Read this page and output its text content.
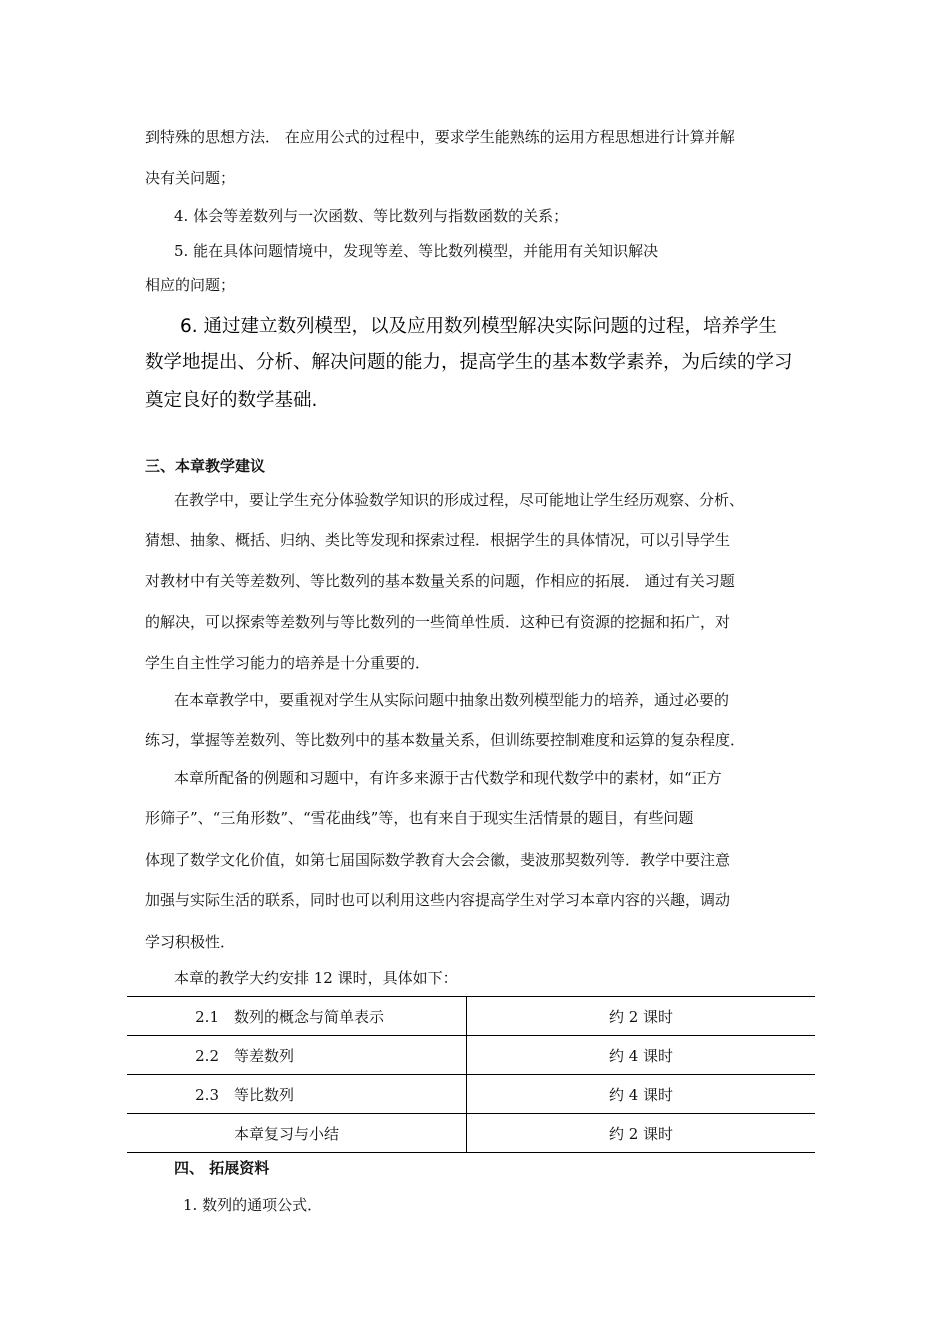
到特殊的思想方法． 在应用公式的过程中，要求学生能熟练的运用方程思想进行计算并解
决有关问题；
4. 体会等差数列与一次函数、等比数列与指数函数的关系；
5. 能在具体问题情境中，发现等差、等比数列模型，并能用有关知识解决
相应的问题；
6. 通过建立数列模型，以及应用数列模型解决实际问题的过程，培养学生
数学地提出、分析、解决问题的能力，提高学生的基本数学素养，为后续的学习
奠定良好的数学基础.
三、本章教学建议
在教学中，要让学生充分体验数学知识的形成过程，尽可能地让学生经历观察、分析、
猜想、抽象、概括、归纳、类比等发现和探索过程．根据学生的具体情况，可以引导学生
对教材中有关等差数列、等比数列的基本数量关系的问题，作相应的拓展． 通过有关习题
的解决，可以探索等差数列与等比数列的一些简单性质．这种已有资源的挖掘和拓广，对
学生自主性学习能力的培养是十分重要的．
在本章教学中，要重视对学生从实际问题中抽象出数列模型能力的培养，通过必要的
练习，掌握等差数列、等比数列中的基本数量关系，但训练要控制难度和运算的复杂程度．
本章所配备的例题和习题中，有许多来源于古代数学和现代数学中的素材，如“正方
形筛子”、“三角形数”、“雪花曲线”等，也有来自于现实生活情景的题目，有些问题
体现了数学文化价值，如第七届国际数学教育大会会徽，斐波那契数列等．教学中要注意
加强与实际生活的联系，同时也可以利用这些内容提高学生对学习本章内容的兴趣，调动
学习积极性．
本章的教学大约安排 12 课时，具体如下：
2.1 数列的概念与简单表示	约 2 课时
2.2 等差数列	约 4 课时
2.3 等比数列	约 4 课时
本章复习与小结	约 2 课时
四、 拓展资料
1. 数列的通项公式．
